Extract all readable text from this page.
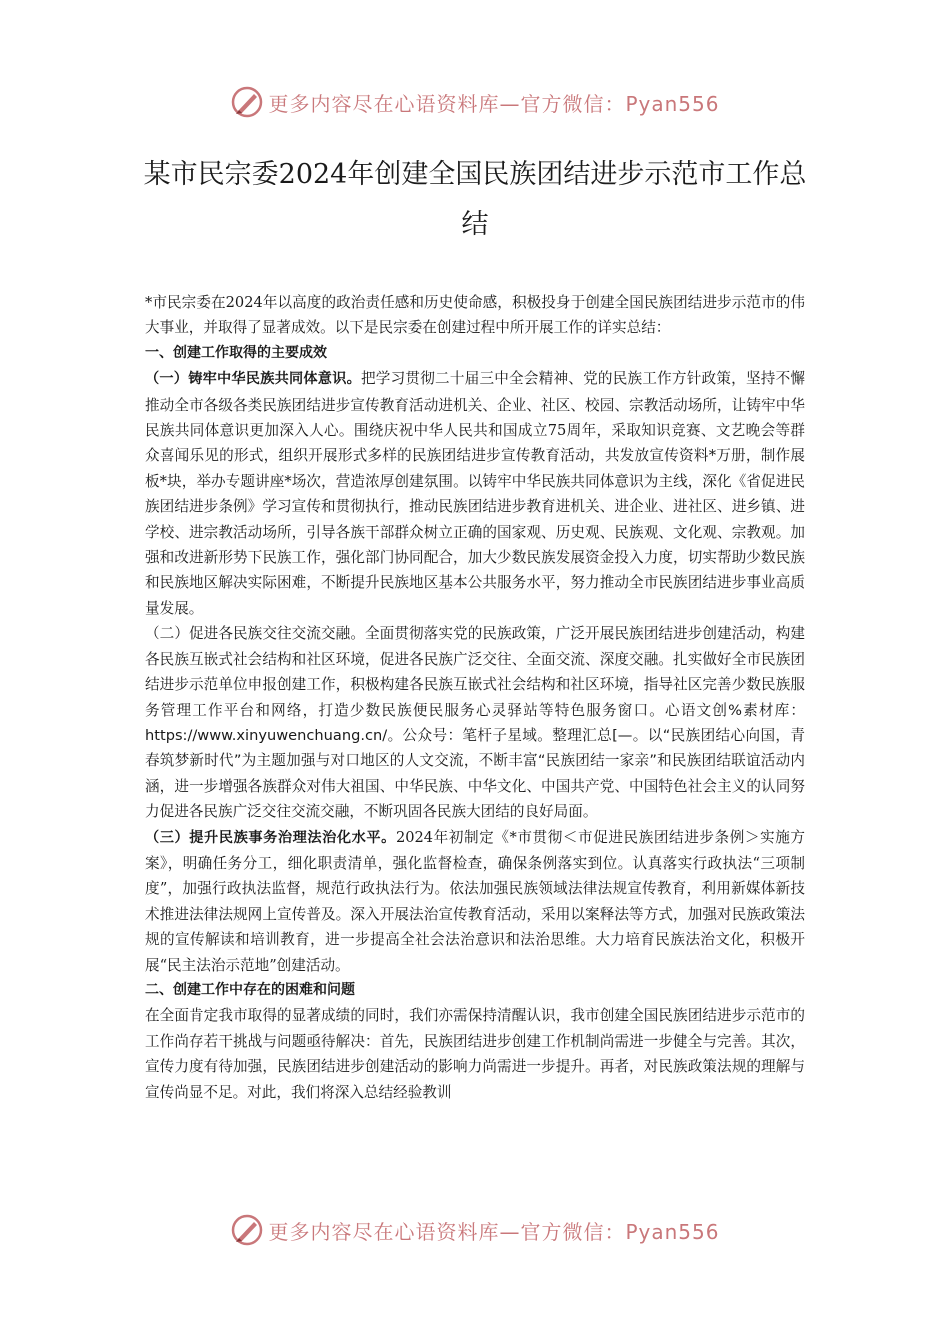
更多内容尽在心语资料库—官方微信：Pyan556
某市民宗委2024年创建全国民族团结进步示范市工作总结

*市民宗委在2024年以高度的政治责任感和历史使命感，积极投身于创建全国民族团结进步示范市的伟大事业，并取得了显著成效。以下是民宗委在创建过程中所开展工作的详实总结：

一、创建工作取得的主要成效

（一）铸牢中华民族共同体意识。把学习贯彻二十届三中全会精神、党的民族工作方针政策，坚持不懈推动全市各级各类民族团结进步宣传教育活动进机关、企业、社区、校园、宗教活动场所，让铸牢中华民族共同体意识更加深入人心。围绕庆祝中华人民共和国成立75周年，采取知识竞赛、文艺晚会等群众喜闻乐见的形式，组织开展形式多样的民族团结进步宣传教育活动，共发放宣传资料*万册，制作展板*块，举办专题讲座*场次，营造浓厚创建氛围。以铸牢中华民族共同体意识为主线，深化《省促进民族团结进步条例》学习宣传和贯彻执行，推动民族团结进步教育进机关、进企业、进社区、进乡镇、进学校、进宗教活动场所，引导各族干部群众树立正确的国家观、历史观、民族观、文化观、宗教观。加强和改进新形势下民族工作，强化部门协同配合，加大少数民族发展资金投入力度，切实帮助少数民族和民族地区解决实际困难，不断提升民族地区基本公共服务水平，努力推动全市民族团结进步事业高质量发展。

（二）促进各民族交往交流交融。全面贯彻落实党的民族政策，广泛开展民族团结进步创建活动，构建各民族互嵌式社会结构和社区环境，促进各民族广泛交往、全面交流、深度交融。扎实做好全市民族团结进步示范单位申报创建工作，积极构建各民族互嵌式社会结构和社区环境，指导社区完善少数民族服务管理工作平台和网络，打造少数民族便民服务心灵驿站等特色服务窗口。心语文创%素材库：https://www.xinyuwenchuang.cn/。公众号：笔杆子星域。整理汇总[—。以“民族团结心向国，青春筑梦新时代”为主题加强与对口地区的人文交流，不断丰富“民族团结一家亲”和民族团结联谊活动内涵，进一步增强各族群众对伟大祖国、中华民族、中华文化、中国共产党、中国特色社会主义的认同努力促进各民族广泛交往交流交融，不断巩固各民族大团结的良好局面。

（三）提升民族事务治理法治化水平。2024年初制定《*市贯彻＜市促进民族团结进步条例＞实施方案》，明确任务分工，细化职责清单，强化监督检查，确保条例落实到位。认真落实行政执法“三项制度”，加强行政执法监督，规范行政执法行为。依法加强民族领域法律法规宣传教育，利用新媒体新技术推进法律法规网上宣传普及。深入开展法治宣传教育活动，采用以案释法等方式，加强对民族政策法规的宣传解读和培训教育，进一步提高全社会法治意识和法治思维。大力培育民族法治文化，积极开展“民主法治示范地”创建活动。

二、创建工作中存在的困难和问题

在全面肯定我市取得的显著成绩的同时，我们亦需保持清醒认识，我市创建全国民族团结进步示范市的工作尚存若干挑战与问题亟待解决：首先，民族团结进步创建工作机制尚需进一步健全与完善。其次，宣传力度有待加强，民族团结进步创建活动的影响力尚需进一步提升。再者，对民族政策法规的理解与宣传尚显不足。对此，我们将深入总结经验教训

更多内容尽在心语资料库—官方微信：Pyan556
